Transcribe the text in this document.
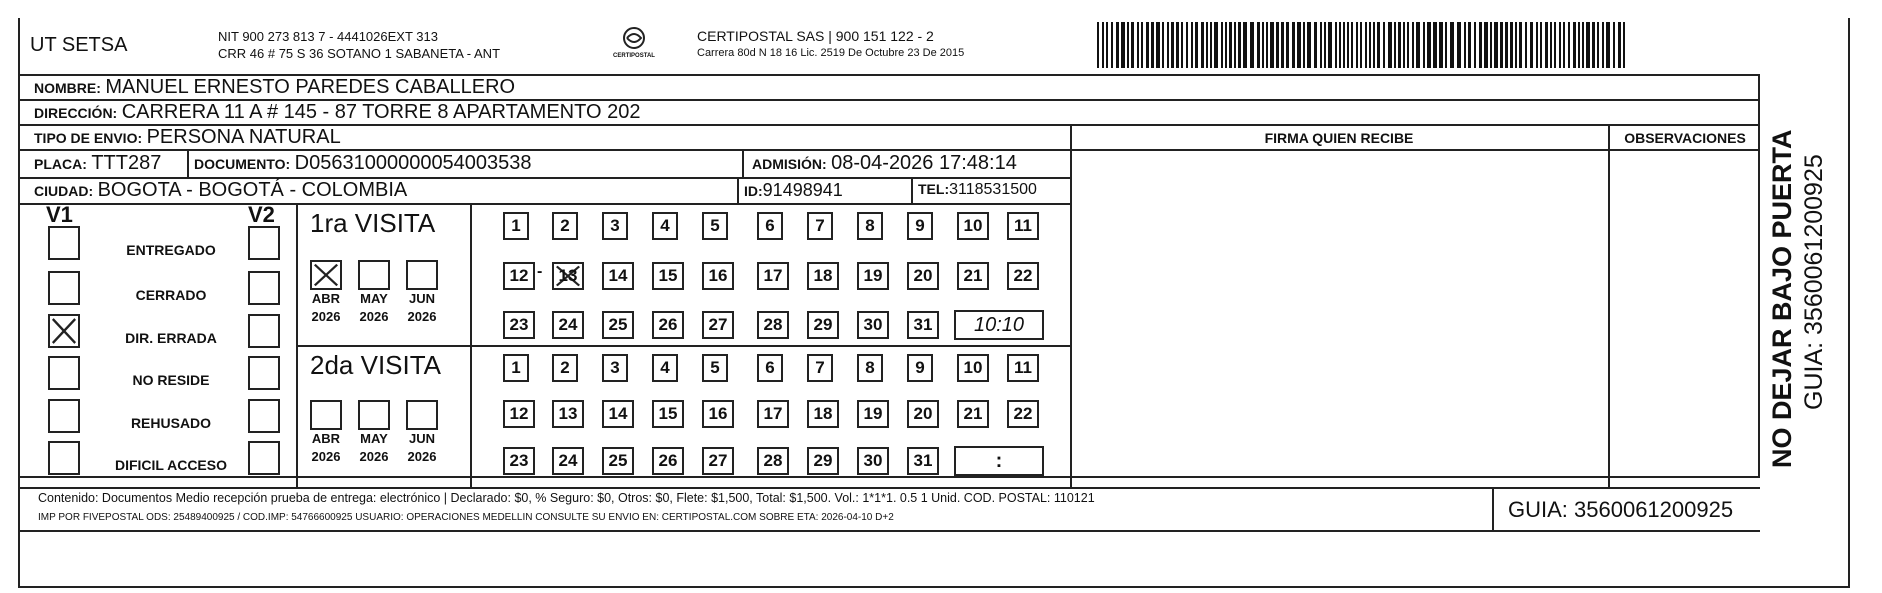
UT SETSA	NIT 900 273 813 7 - 4441026EXT 313
CRR 46 # 75 S 36 SOTANO 1 SABANETA - ANT	CERTIPOSTAL
CERTIPOSTAL SAS | 900 151 122 - 2
Carrera 80d N 18 16 Lic. 2519 De Octubre 23 De 2015
NOMBRE: MANUEL ERNESTO PAREDES CABALLERO
DIRECCIÓN: CARRERA 11 A # 145 - 87 TORRE 8 APARTAMENTO 202
TIPO DE ENVIO: PERSONA NATURAL	FIRMA QUIEN RECIBE	OBSERVACIONES
PLACA: TTT287 DOCUMENTO: D05631000000054003538	ADMISIÓN: 08-04-2026 17:48:14
CIUDAD: BOGOTA - BOGOTÁ - COLOMBIA	ID:91498941	TEL:3118531500
V1	V2
ENTREGADO
CERRADO
DIR. ERRADA
NO RESIDE
REHUSADO
DIFICIL ACCESO
1ra VISITA
ABR
2026
MAY
2026
JUN
2026
1	2	3	4	5	6	7	8	9	10	11
12	13	14	15	16	17	18	19	20	21	22
23	24	25	26	27	28	29	30	31	10:10
-
2da VISITA
ABR
2026
MAY
2026
JUN
2026
1	2	3	4	5	6	7	8	9	10	11
12	13	14	15	16	17	18	19	20	21	22
23	24	25	26	27	28	29	30	31	:
Contenido: Documentos Medio recepción prueba de entrega: electrónico | Declarado: $0, % Seguro: $0, Otros: $0, Flete: $1,500, Total: $1,500. Vol.: 1*1*1. 0.5 1 Unid. COD. POSTAL: 110121
IMP POR FIVEPOSTAL ODS: 25489400925 / COD.IMP: 54766600925 USUARIO: OPERACIONES MEDELLIN CONSULTE SU ENVIO EN: CERTIPOSTAL.COM SOBRE ETA: 2026-04-10 D+2	GUIA: 3560061200925
NO DEJAR BAJO PUERTA GUIA: 3560061200925
